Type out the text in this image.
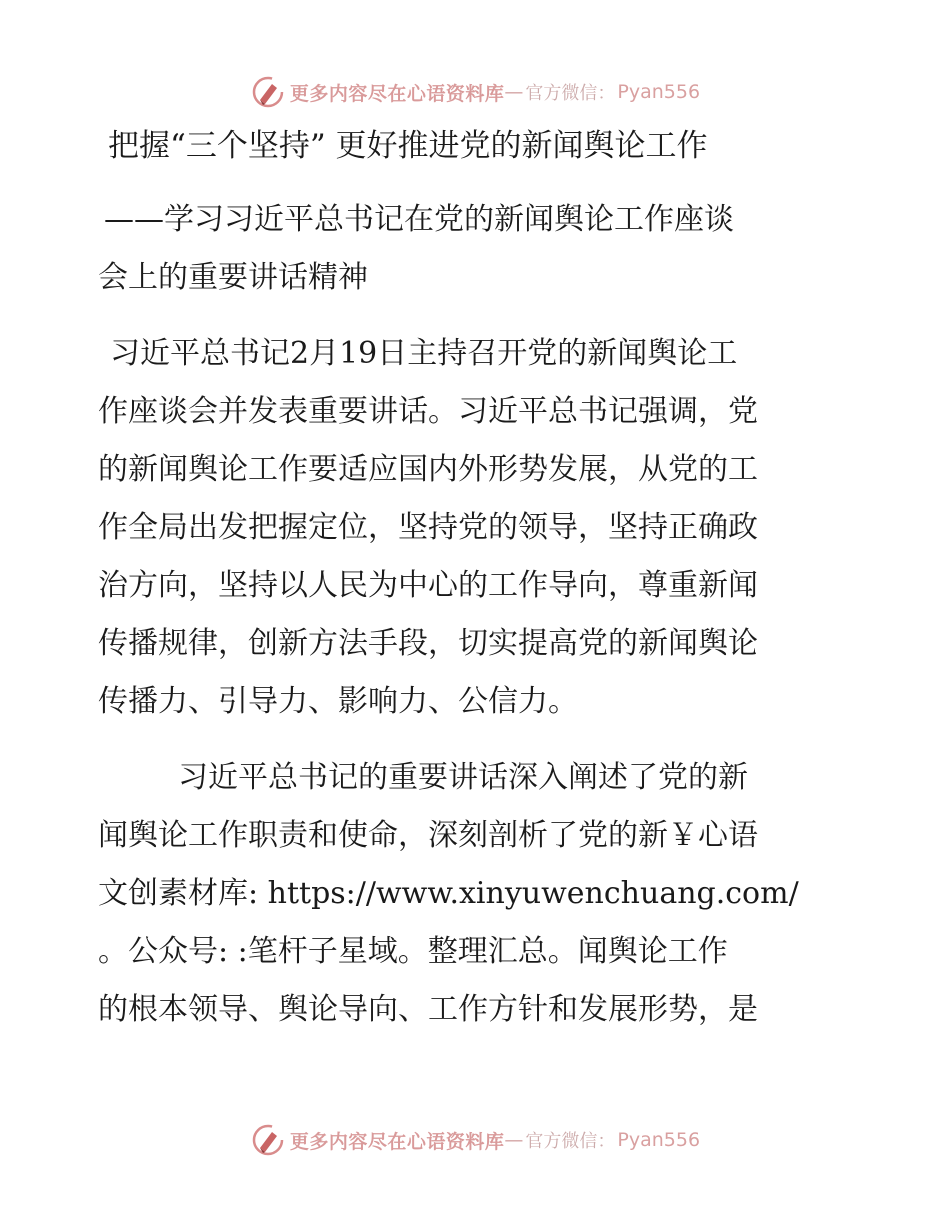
更多内容尽在心语资料库 — 官方微信： Pyan556
把握“三个坚持” 更好推进党的新闻舆论工作
——学习习近平总书记在党的新闻舆论工作座谈
会上的重要讲话精神
习近平总书记2月19日主持召开党的新闻舆论工
作座谈会并发表重要讲话。习近平总书记强调，党
的新闻舆论工作要适应国内外形势发展，从党的工
作全局出发把握定位，坚持党的领导，坚持正确政
治方向，坚持以人民为中心的工作导向，尊重新闻
传播规律，创新方法手段，切实提高党的新闻舆论
传播力、引导力、影响力、公信力。
习近平总书记的重要讲话深入阐述了党的新
闻舆论工作职责和使命，深刻剖析了党的新￥心语
文创素材库: https://www.xinyuwenchuang.com/
。公众号: :笔杆子星域。整理汇总。闻舆论工作
的根本领导、舆论导向、工作方针和发展形势，是
更多内容尽在心语资料库 — 官方微信： Pyan556
